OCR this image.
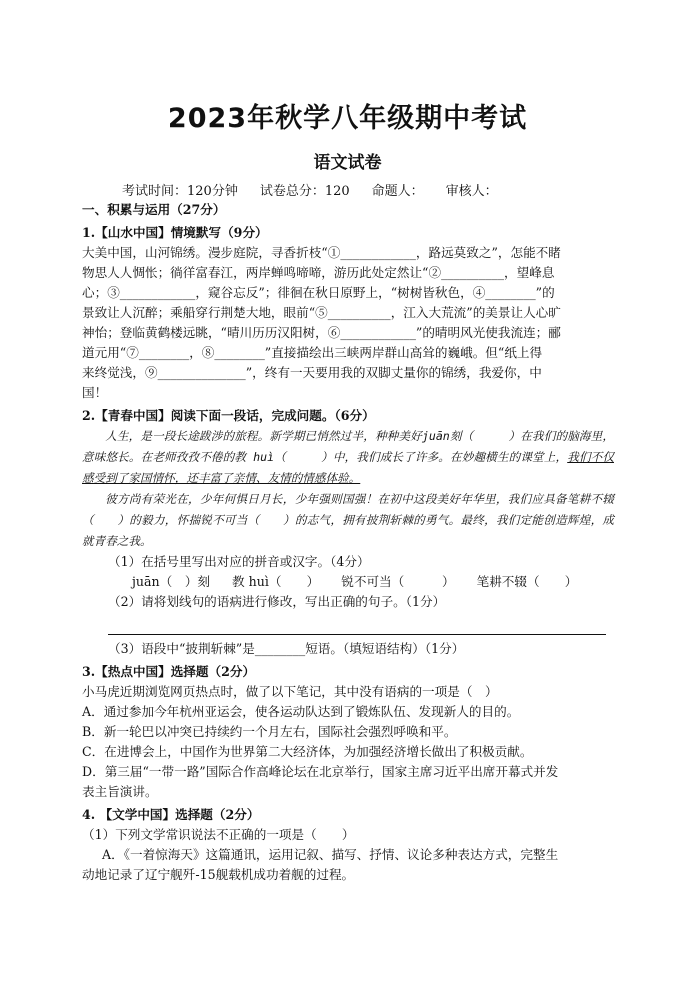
2023年秋学八年级期中考试
语文试卷
考试时间：120分钟 试卷总分：120 命题人： 审核人：

一、积累与运用（27分）

1.【山水中国】情境默写（9分）

大美中国，山河锦绣。漫步庭院，寻香折枝“①____________，路远莫致之”，怎能不睹

物思人人惆怅；徜徉富春江，两岸蝉鸣啼啼，游历此处定然让“②__________，望峰息

心；③____________，窥谷忘反”；徘徊在秋日原野上，“树树皆秋色，④________”的

景致让人沉醉；乘船穿行荆楚大地，眼前“⑤__________，江入大荒流”的美景让人心旷

神怡；登临黄鹤楼远眺，“晴川历历汉阳树，⑥____________”的晴明风光使我流连；郦

道元用“⑦________，⑧________”直接描绘出三峡两岸群山高耸的巍峨。但“纸上得

来终觉浅，⑨______________”，终有一天要用我的双脚丈量你的锦绣，我爱你，中

国！

2.【青春中国】阅读下面一段话，完成问题。（6分）

人生，是一段长途跋涉的旅程。新学期已悄然过半，种种美好juān刻（　　　）在我们的脑海里，意味悠长。在老师孜孜不倦的教 huì（　　　）中，我们成长了许多。在妙趣横生的课堂上，我们不仅感受到了家国情怀，还丰富了亲情、友情的情感体验。

彼方尚有荣光在，少年何惧日月长，少年强则国强！在初中这段美好年华里，我们应具备笔耕不辍（　　）的毅力，怀揣锐不可当（　　）的志气，拥有披荆斩棘的勇气。最终，我们定能创造辉煌，成就青春之我。

（1）在括号里写出对应的拼音或汉字。（4分）

juān（　）刻 教 huì（　　） 锐不可当（　　　） 笔耕不辍（　　）

（2）请将划线句的语病进行修改，写出正确的句子。（1分）

（3）语段中“披荆斩棘”是________短语。（填短语结构）（1分）

3.【热点中国】选择题（2分）

小马虎近期浏览网页热点时，做了以下笔记，其中没有语病的一项是（　）

A．通过参加今年杭州亚运会，使各运动队达到了锻炼队伍、发现新人的目的。

B．新一轮巴以冲突已持续约一个月左右，国际社会强烈呼唤和平。

C．在进博会上，中国作为世界第二大经济体，为加强经济增长做出了积极贡献。

D．第三届“一带一路”国际合作高峰论坛在北京举行，国家主席习近平出席开幕式并发

表主旨演讲。

4. 【文学中国】选择题（2分）

（1）下列文学常识说法不正确的一项是（　　）

A．《一着惊海天》这篇通讯，运用记叙、描写、抒情、议论多种表达方式，完整生

动地记录了辽宁舰歼-15舰载机成功着舰的过程。
